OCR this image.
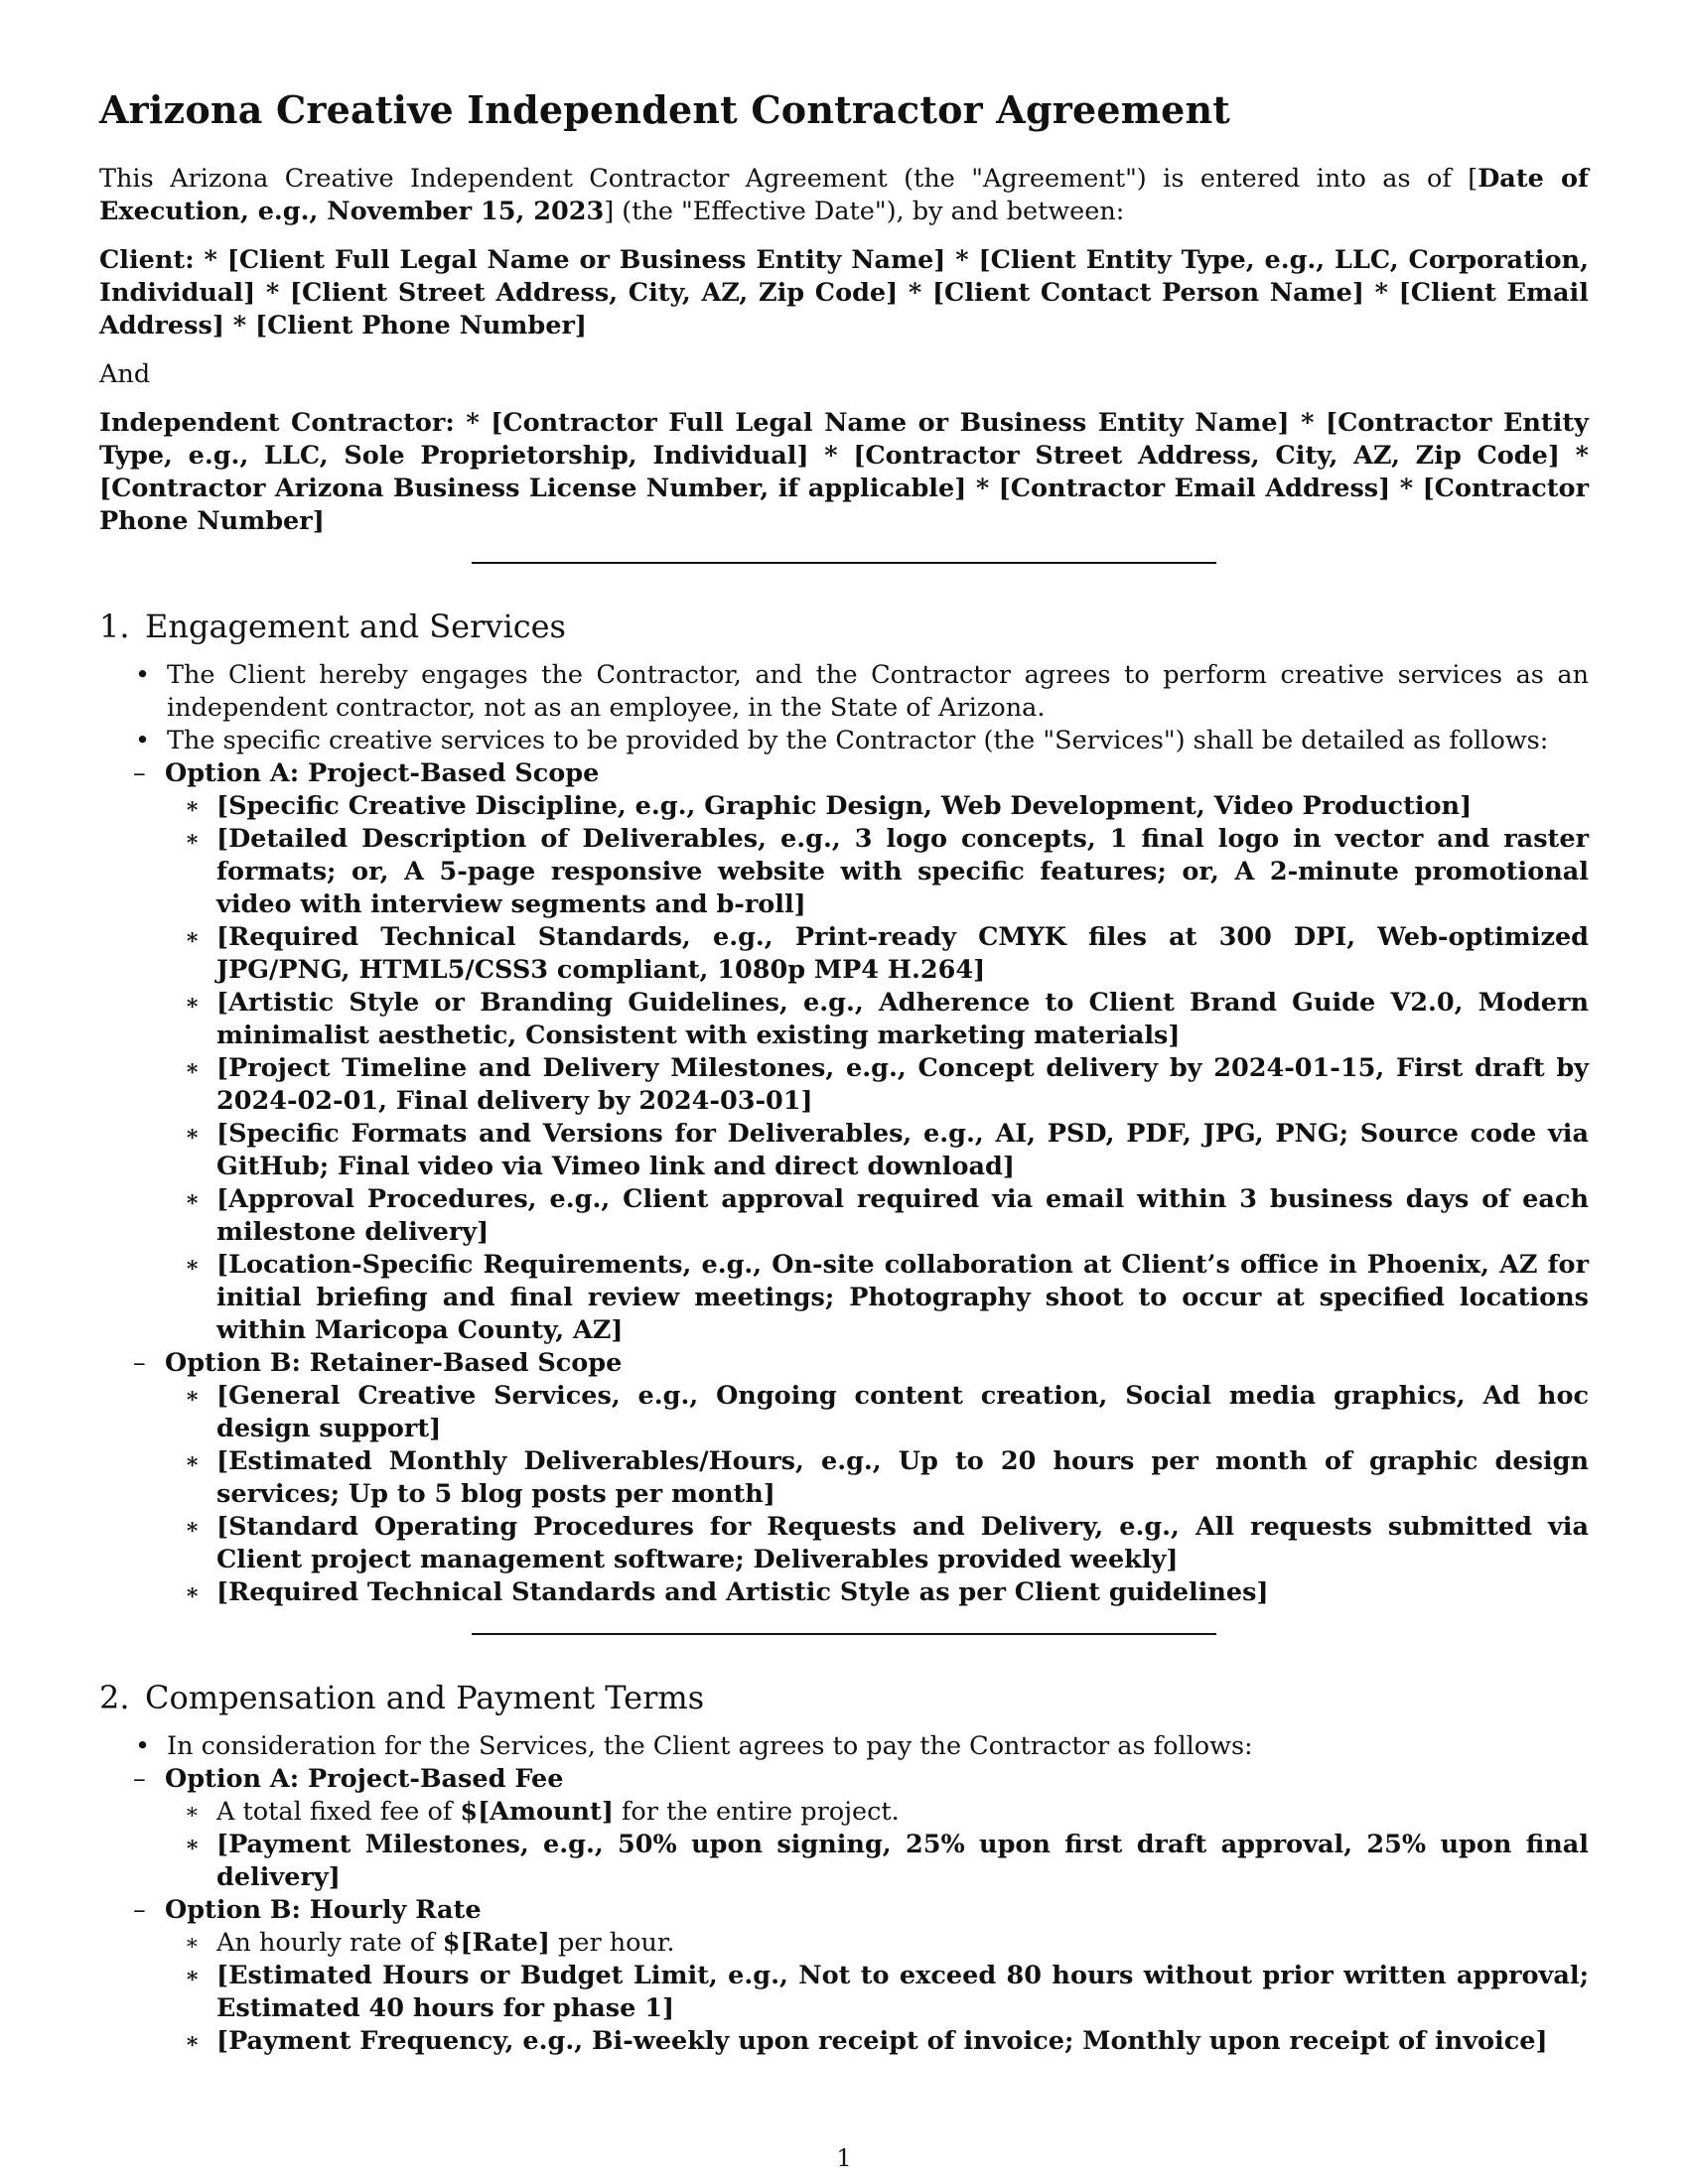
Arizona Creative Independent Contractor Agreement

This Arizona Creative Independent Contractor Agreement (the "Agreement") is entered into as of [Date of Execution, e.g., November 15, 2023] (the "Effective Date"), by and between:

Client: * [Client Full Legal Name or Business Entity Name] * [Client Entity Type, e.g., LLC, Corporation, Individual] * [Client Street Address, City, AZ, Zip Code] * [Client Contact Person Name] * [Client Email Address] * [Client Phone Number]

And

Independent Contractor: * [Contractor Full Legal Name or Business Entity Name] * [Contractor Entity Type, e.g., LLC, Sole Proprietorship, Individual] * [Contractor Street Address, City, AZ, Zip Code] * [Contractor Arizona Business License Number, if applicable] * [Contractor Email Address] * [Contractor Phone Number]

1. Engagement and Services
• The Client hereby engages the Contractor, and the Contractor agrees to perform creative services as an independent contractor, not as an employee, in the State of Arizona.
• The specific creative services to be provided by the Contractor (the "Services") shall be detailed as follows:
– Option A: Project-Based Scope
∗ [Specific Creative Discipline, e.g., Graphic Design, Web Development, Video Production]
∗ [Detailed Description of Deliverables, e.g., 3 logo concepts, 1 final logo in vector and raster formats; or, A 5-page responsive website with specific features; or, A 2-minute promotional video with interview segments and b-roll]
∗ [Required Technical Standards, e.g., Print-ready CMYK files at 300 DPI, Web-optimized JPG/PNG, HTML5/CSS3 compliant, 1080p MP4 H.264]
∗ [Artistic Style or Branding Guidelines, e.g., Adherence to Client Brand Guide V2.0, Modern minimalist aesthetic, Consistent with existing marketing materials]
∗ [Project Timeline and Delivery Milestones, e.g., Concept delivery by 2024-01-15, First draft by 2024-02-01, Final delivery by 2024-03-01]
∗ [Specific Formats and Versions for Deliverables, e.g., AI, PSD, PDF, JPG, PNG; Source code via GitHub; Final video via Vimeo link and direct download]
∗ [Approval Procedures, e.g., Client approval required via email within 3 business days of each milestone delivery]
∗ [Location-Specific Requirements, e.g., On-site collaboration at Client’s office in Phoenix, AZ for initial briefing and final review meetings; Photography shoot to occur at specified locations within Maricopa County, AZ]
– Option B: Retainer-Based Scope
∗ [General Creative Services, e.g., Ongoing content creation, Social media graphics, Ad hoc design support]
∗ [Estimated Monthly Deliverables/Hours, e.g., Up to 20 hours per month of graphic design services; Up to 5 blog posts per month]
∗ [Standard Operating Procedures for Requests and Delivery, e.g., All requests submitted via Client project management software; Deliverables provided weekly]
∗ [Required Technical Standards and Artistic Style as per Client guidelines]
2. Compensation and Payment Terms
• In consideration for the Services, the Client agrees to pay the Contractor as follows:
– Option A: Project-Based Fee
∗ A total fixed fee of $[Amount] for the entire project.
∗ [Payment Milestones, e.g., 50% upon signing, 25% upon first draft approval, 25% upon final delivery]
– Option B: Hourly Rate
∗ An hourly rate of $[Rate] per hour.
∗ [Estimated Hours or Budget Limit, e.g., Not to exceed 80 hours without prior written approval; Estimated 40 hours for phase 1]
∗ [Payment Frequency, e.g., Bi-weekly upon receipt of invoice; Monthly upon receipt of invoice]
1
